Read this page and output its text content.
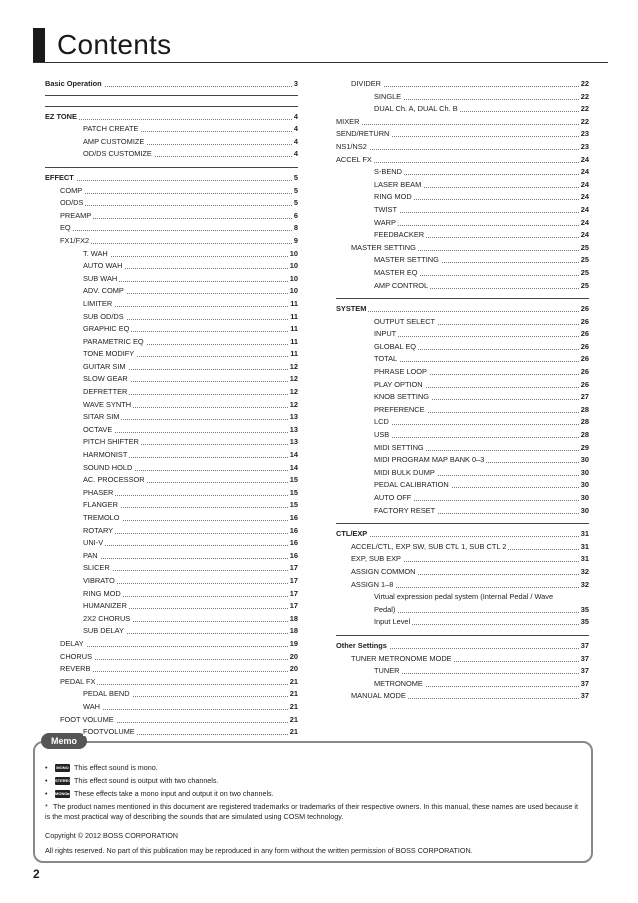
Contents
Basic Operation	3
EZ TONE	4
PATCH CREATE	4
AMP CUSTOMIZE	4
OD/DS CUSTOMIZE	4
EFFECT	5
COMP	5
OD/DS	5
PREAMP	6
EQ	8
FX1/FX2	9
T. WAH	10
AUTO WAH	10
SUB WAH	10
ADV. COMP	10
LIMITER	11
SUB OD/DS	11
GRAPHIC EQ	11
PARAMETRIC EQ	11
TONE MODIFY	11
GUITAR SIM	12
SLOW GEAR	12
DEFRETTER	12
WAVE SYNTH	12
SITAR SIM	13
OCTAVE	13
PITCH SHIFTER	13
HARMONIST	14
SOUND HOLD	14
AC. PROCESSOR	15
PHASER	15
FLANGER	15
TREMOLO	16
ROTARY	16
UNI-V	16
PAN	16
SLICER	17
VIBRATO	17
RING MOD	17
HUMANIZER	17
2X2 CHORUS	18
SUB DELAY	18
DELAY	19
CHORUS	20
REVERB	20
PEDAL FX	21
PEDAL BEND	21
WAH	21
FOOT VOLUME	21
FOOTVOLUME	21
DIVIDER	22
SINGLE	22
DUAL Ch. A, DUAL Ch. B	22
MIXER	22
SEND/RETURN	23
NS1/NS2	23
ACCEL FX	24
S-BEND	24
LASER BEAM	24
RING MOD	24
TWIST	24
WARP	24
FEEDBACKER	24
MASTER SETTING	25
MASTER SETTING	25
MASTER EQ	25
AMP CONTROL	25
SYSTEM	26
OUTPUT SELECT	26
INPUT	26
GLOBAL EQ	26
TOTAL	26
PHRASE LOOP	26
PLAY OPTION	26
KNOB SETTING	27
PREFERENCE	28
LCD	28
USB	28
MIDI SETTING	29
MIDI PROGRAM MAP BANK 0–3	30
MIDI BULK DUMP	30
PEDAL CALIBRATION	30
AUTO OFF	30
FACTORY RESET	30
CTL/EXP	31
ACCEL/CTL, EXP SW, SUB CTL 1, SUB CTL 2	31
EXP, SUB EXP	31
ASSIGN COMMON	32
ASSIGN 1–8	32
Virtual expression pedal system (Internal Pedal / Wave
Pedal)	35
Input Level	35
Other Settings	37
TUNER METRONOME MODE	37
TUNER	37
METRONOME	37
MANUAL MODE	37
Memo
• MONO This effect sound is mono.
• STEREO This effect sound is output with two channels.
• MONO▸STThese effects take a mono input and output it on two channels.
* The product names mentioned in this document are registered trademarks or trademarks of their respective owners. In this manual, these names are used because it is the most practical way of describing the sounds that are simulated using COSM technology.
Copyright © 2012 BOSS CORPORATION
All rights reserved. No part of this publication may be reproduced in any form without the written permission of BOSS CORPORATION.
2
